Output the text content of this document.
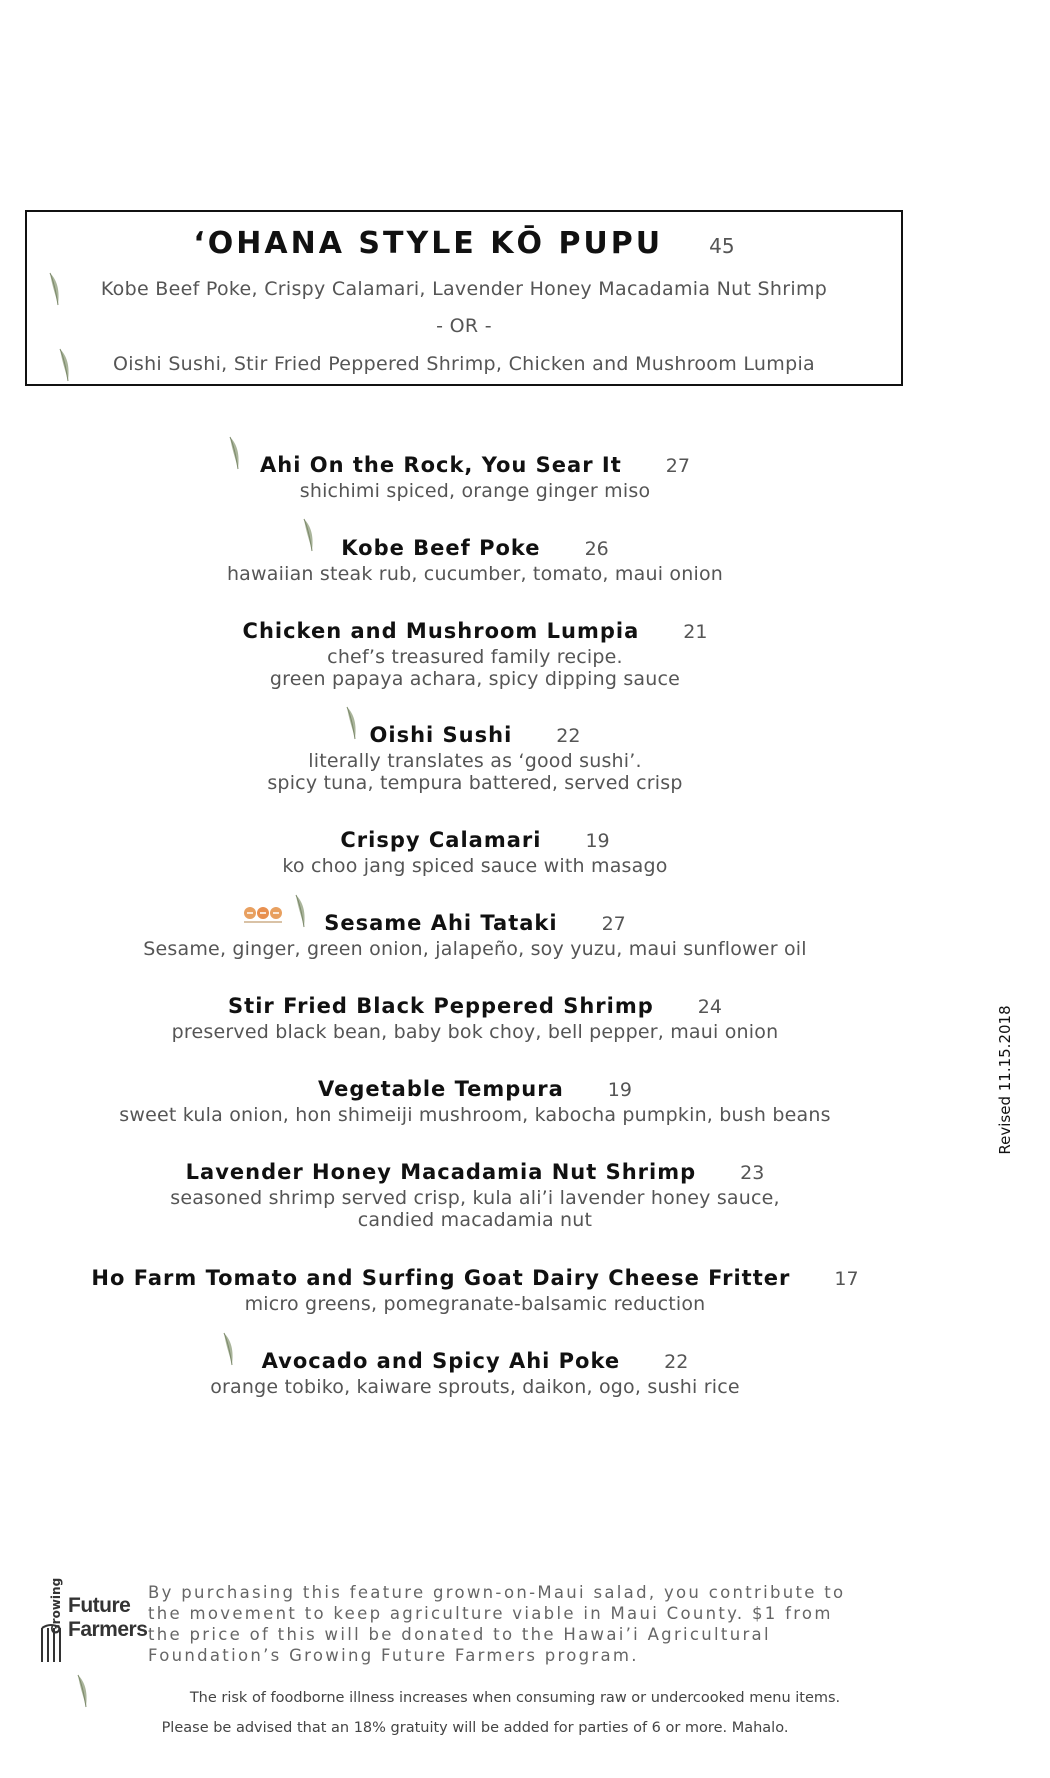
‘OHANA STYLE KŌ PUPU 45
Kobe Beef Poke, Crispy Calamari, Lavender Honey Macadamia Nut Shrimp
- OR -
Oishi Sushi, Stir Fried Peppered Shrimp, Chicken and Mushroom Lumpia
Ahi On the Rock, You Sear It 27
shichimi spiced, orange ginger miso
Kobe Beef Poke 26
hawaiian steak rub, cucumber, tomato, maui onion
Chicken and Mushroom Lumpia 21
chef’s treasured family recipe.
green papaya achara, spicy dipping sauce
Oishi Sushi 22
literally translates as ‘good sushi’.
spicy tuna, tempura battered, served crisp
Crispy Calamari 19
ko choo jang spiced sauce with masago
Sesame Ahi Tataki 27
Sesame, ginger, green onion, jalapeño, soy yuzu, maui sunflower oil
Stir Fried Black Peppered Shrimp 24
preserved black bean, baby bok choy, bell pepper, maui onion
Vegetable Tempura 19
sweet kula onion, hon shimeiji mushroom, kabocha pumpkin, bush beans
Lavender Honey Macadamia Nut Shrimp 23
seasoned shrimp served crisp, kula ali’i lavender honey sauce,
candied macadamia nut
Ho Farm Tomato and Surfing Goat Dairy Cheese Fritter 17
micro greens, pomegranate-balsamic reduction
Avocado and Spicy Ahi Poke 22
orange tobiko, kaiware sprouts, daikon, ogo, sushi rice
Revised 11.15.2018
Growing Future
Farmers
By purchasing this feature grown-on-Maui salad, you contribute to the movement to keep agriculture viable in Maui County. $1 from the price of this will be donated to the Hawai’i Agricultural Foundation’s Growing Future Farmers program.
The risk of foodborne illness increases when consuming raw or undercooked menu items.
Please be advised that an 18% gratuity will be added for parties of 6 or more. Mahalo.
